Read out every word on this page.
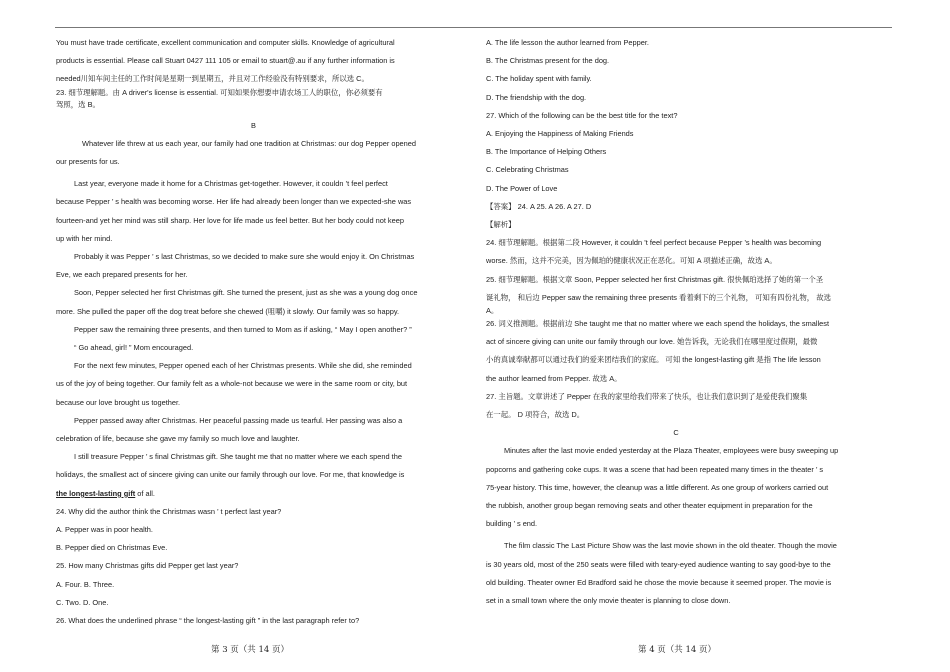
You must have trade certificate, excellent communication and computer skills. Knowledge of agricultural

products is essential. Please call Stuart 0427 111 105 or email to stuart@.au if any further information is

needed川知车间主任的工作时间是星期一到星期五，并且对工作经验没有特别要求，所以选 C。

23. 细节理解题。由 A driver's license is essential. 可知如果你想要申请农场工人的职位，你必须要有

驾照，选 B。

B

Whatever life threw at us each year, our family had one tradition at Christmas: our dog Pepper opened

our presents for us.

Last year, everyone made it home for a Christmas get-together. However, it couldn ’t feel perfect

because Pepper ’ s health was becoming worse. Her life had already been longer than we expected-she was

fourteen-and yet her mind was still sharp. Her love for life made us feel better. But her body could not keep

up with her mind.

Probably it was Pepper ’ s last Christmas, so we decided to make sure she would enjoy it. On Christmas

Eve, we each prepared presents for her.

Soon, Pepper selected her first Christmas gift. She turned the present, just as she was a young dog once

more. She pulled the paper off the dog treat before she chewed (咀嚼) it slowly. Our family was so happy.

Pepper saw the remaining three presents, and then turned to Mom as if asking, “ May I open another? ”

“ Go ahead, girl! ” Mom encouraged.

For the next few minutes, Pepper opened each of her Christmas presents. While she did, she reminded

us of the joy of being together. Our family felt as a whole-not because we were in the same room or city, but

because our love brought us together.

Pepper passed away after Christmas. Her peaceful passing made us tearful. Her passing was also a

celebration of life, because she gave my family so much love and laughter.

I still treasure Pepper ’ s final Christmas gift. She taught me that no matter where we each spend the

holidays, the smallest act of sincere giving can unite our family through our love. For me, that knowledge is

the longest-lasting gift of all.

24. Why did the author think the Christmas wasn ’ t perfect last year?

A. Pepper was in poor health.

B. Pepper died on Christmas Eve.

25. How many Christmas gifts did Pepper get last year?

A. Four. B. Three.

C. Two. D. One.

26. What does the underlined phrase “ the longest-lasting gift ” in the last paragraph refer to?

A. The life lesson the author learned from Pepper.

B. The Christmas present for the dog.

C. The holiday spent with family.

D. The friendship with the dog.

27. Which of the following can be the best title for the text?

A. Enjoying the Happiness of Making Friends

B. The Importance of Helping Others

C. Celebrating Christmas

D. The Power of Love

【答案】 24. A 25. A 26. A 27. D

【解析】

24. 细节理解题。根据第二段 However, it couldn ’t feel perfect because Pepper ’s health was becoming

worse. 然而，这并不完美，因为佩珀的健康状况正在恶化。可知 A 项描述正确，故选 A。

25. 细节理解题。根据文章 Soon, Pepper selected her first Christmas gift. 很快佩珀选择了她的第一个圣

诞礼物， 和后边 Pepper saw the remaining three presents 看着剩下的三个礼物， 可知有四份礼物， 故选

A。

26. 词义推测题。根据前边 She taught me that no matter where we each spend the holidays, the smallest

act of sincere giving can unite our family through our love. 她告诉我，无论我们在哪里度过假期，最微

小的真诚奉献都可以通过我们的爱来团结我们的家庭。 可知 the longest-lasting gift 是指 The life lesson

the author learned from Pepper. 故选 A。

27. 主旨题。文章讲述了 Pepper 在我的家里给我们带来了快乐，也让我们意识到了是爱使我们聚集

在一起。 D 项符合，故选 D。

C

Minutes after the last movie ended yesterday at the Plaza Theater, employees were busy sweeping up

popcorns and gathering coke cups. It was a scene that had been repeated many times in the theater ’ s

75-year history. This time, however, the cleanup was a little different. As one group of workers carried out

the rubbish, another group began removing seats and other theater equipment in preparation for the

building ’ s end.

The film classic The Last Picture Show was the last movie shown in the old theater. Though the movie

is 30 years old, most of the 250 seats were filled with teary-eyed audience wanting to say good-bye to the

old building. Theater owner Ed Bradford said he chose the movie because it seemed proper. The movie is

set in a small town where the only movie theater is planning to close down.

第 3 页（共 14 页）	第 4 页（共 14 页）
